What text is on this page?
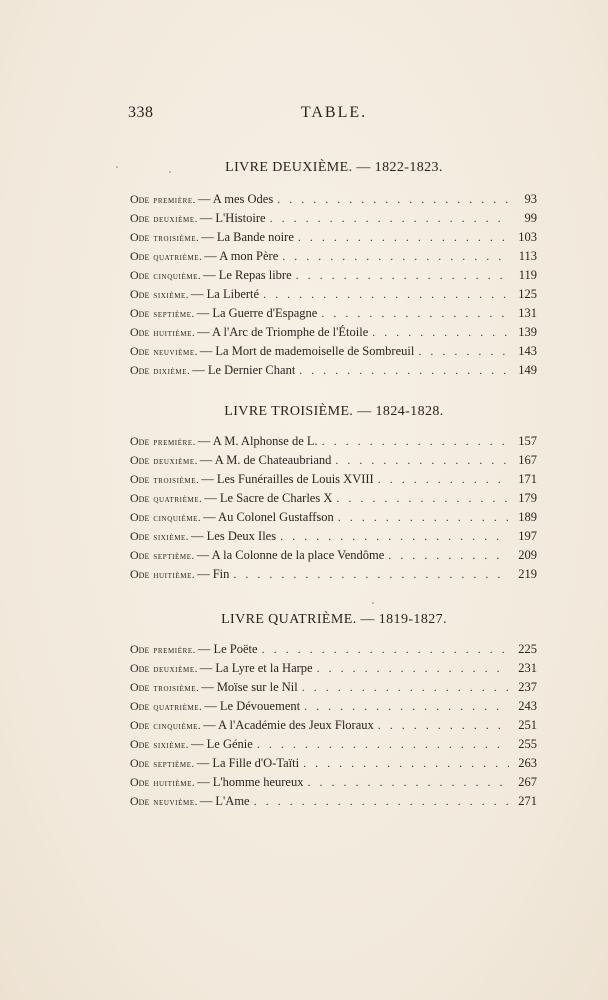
338	TABLE.
LIVRE DEUXIÈME. — 1822-1823.
Ode première. — A mes Odes . . .	93
Ode deuxième. — L'Histoire . . .	99
Ode troisième. — La Bande noire . . .	103
Ode quatrième. — A mon Père . . .	113
Ode cinquième. — Le Repas libre . . .	119
Ode sixième. — La Liberté . . .	125
Ode septième. — La Guerre d'Espagne . . .	131
Ode huitième. — A l'Arc de Triomphe de l'Étoile . . .	139
Ode neuvième. — La Mort de mademoiselle de Sombreuil . . .	143
Ode dixième. — Le Dernier Chant . . .	149
LIVRE TROISIÈME. — 1824-1828.
Ode première. — A M. Alphonse de L. . . .	157
Ode deuxième. — A M. de Chateaubriand . . .	167
Ode troisième. — Les Funérailles de Louis XVIII . . .	171
Ode quatrième. — Le Sacre de Charles X . . .	179
Ode cinquième. — Au Colonel Gustaffson . . .	189
Ode sixième. — Les Deux Iles . . .	197
Ode septième. — A la Colonne de la place Vendôme . . .	209
Ode huitième. — Fin . . .	219
LIVRE QUATRIÈME. — 1819-1827.
Ode première. — Le Poëte . . .	225
Ode deuxième. — La Lyre et la Harpe . . .	231
Ode troisième. — Moïse sur le Nil . . .	237
Ode quatrième. — Le Dévouement . . .	243
Ode cinquième. — A l'Académie des Jeux Floraux . . .	251
Ode sixième. — Le Génie . . .	255
Ode septième. — La Fille d'O-Taïti . . .	263
Ode huitième. — L'homme heureux . . .	267
Ode neuvième. — L'Ame . . .	271
